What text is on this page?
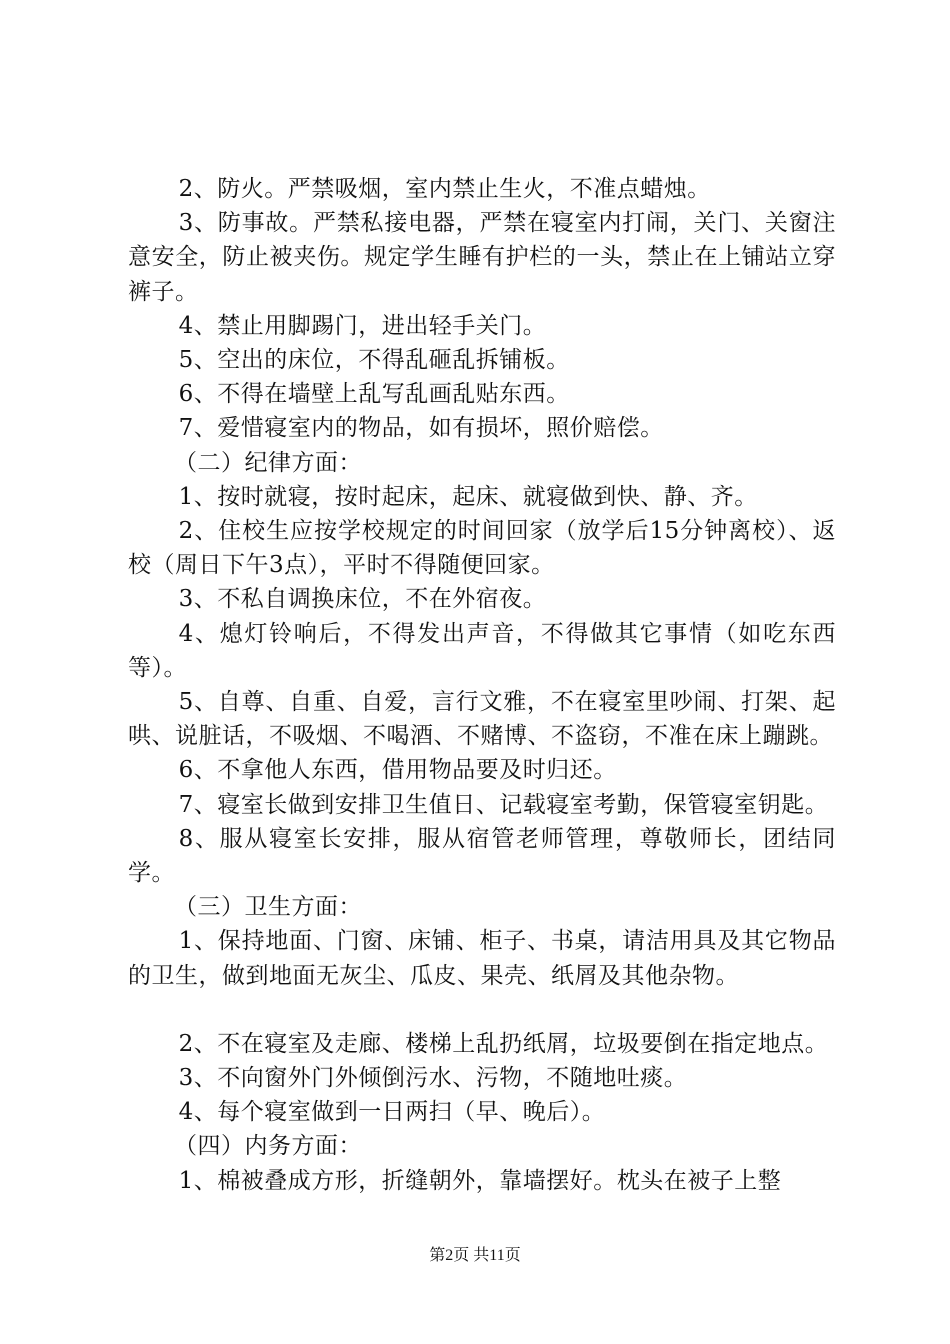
2、防火。严禁吸烟，室内禁止生火，不准点蜡烛。

3、防事故。严禁私接电器，严禁在寝室内打闹，关门、关窗注意安全，防止被夹伤。规定学生睡有护栏的一头，禁止在上铺站立穿裤子。

4、禁止用脚踢门，进出轻手关门。

5、空出的床位，不得乱砸乱拆铺板。

6、不得在墙壁上乱写乱画乱贴东西。

7、爱惜寝室内的物品，如有损坏，照价赔偿。

（二）纪律方面：

1、按时就寝，按时起床，起床、就寝做到快、静、齐。

2、住校生应按学校规定的时间回家（放学后15分钟离校）、返校（周日下午3点），平时不得随便回家。

3、不私自调换床位，不在外宿夜。

4、熄灯铃响后，不得发出声音，不得做其它事情（如吃东西等）。

5、自尊、自重、自爱，言行文雅，不在寝室里吵闹、打架、起哄、说脏话，不吸烟、不喝酒、不赌博、不盗窃，不准在床上蹦跳。

6、不拿他人东西，借用物品要及时归还。

7、寝室长做到安排卫生值日、记载寝室考勤，保管寝室钥匙。

8、服从寝室长安排，服从宿管老师管理，尊敬师长，团结同学。

（三）卫生方面：

1、保持地面、门窗、床铺、柜子、书桌，请洁用具及其它物品的卫生，做到地面无灰尘、瓜皮、果壳、纸屑及其他杂物。

2、不在寝室及走廊、楼梯上乱扔纸屑，垃圾要倒在指定地点。

3、不向窗外门外倾倒污水、污物，不随地吐痰。

4、每个寝室做到一日两扫（早、晚后）。

（四）内务方面：

1、棉被叠成方形，折缝朝外，靠墙摆好。枕头在被子上整

第2页 共11页
